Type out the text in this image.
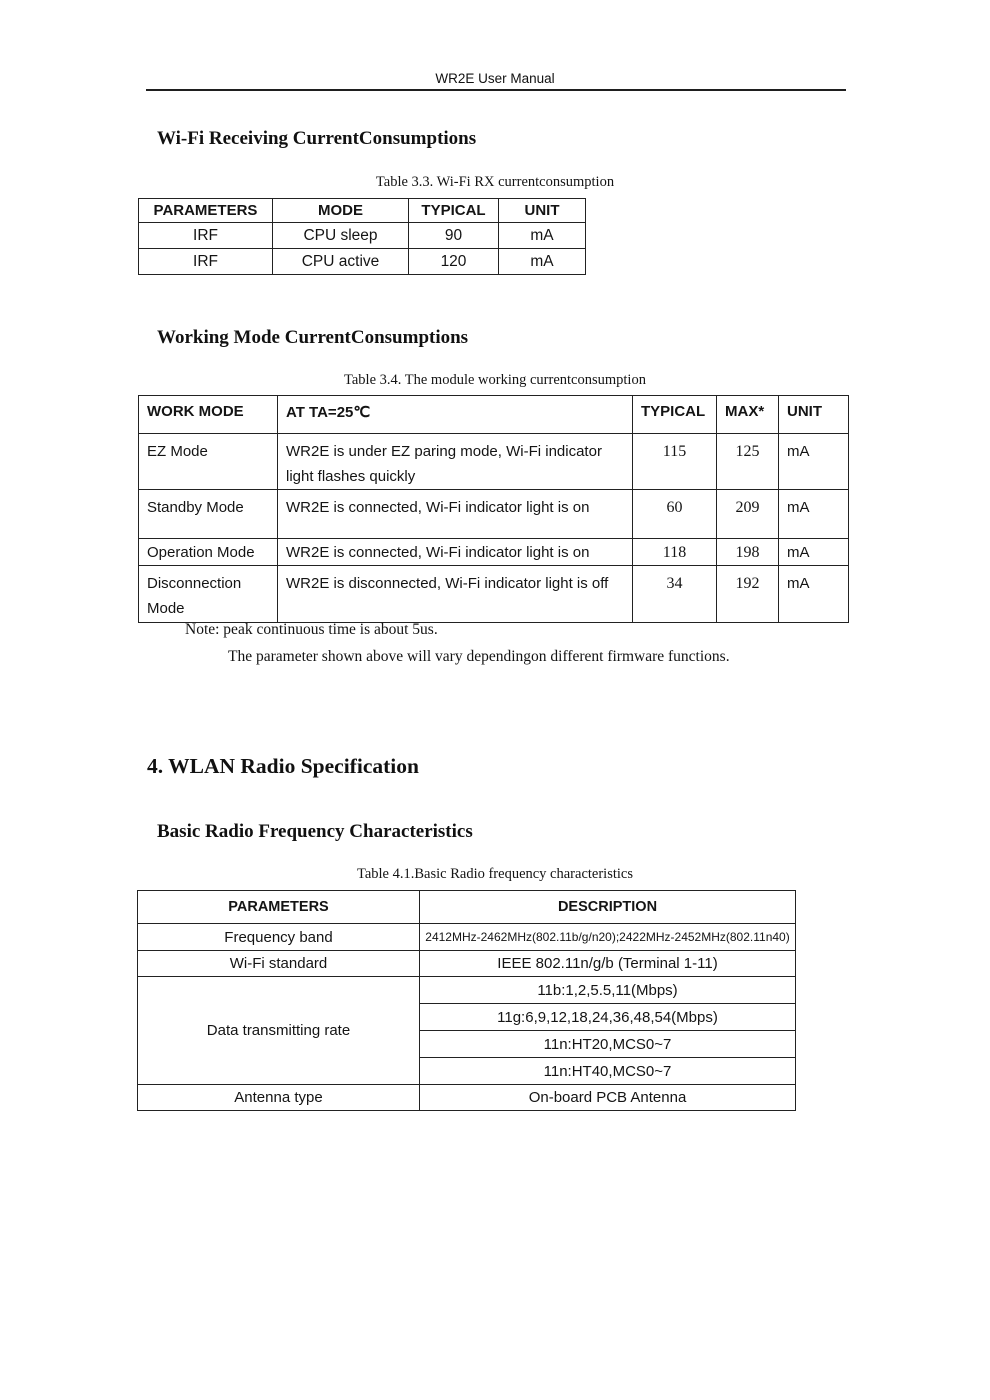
WR2E User Manual
Wi-Fi Receiving CurrentConsumptions
Table 3.3. Wi-Fi RX currentconsumption
PARAMETERS	MODE	TYPICAL	UNIT
IRF	CPU sleep	90	mA
IRF	CPU active	120	mA
Working Mode CurrentConsumptions
Table 3.4. The module working currentconsumption
WORK MODE	AT TA=25℃	TYPICAL	MAX*	UNIT
EZ Mode	WR2E is under EZ paring mode, Wi-Fi indicator light flashes quickly	115	125	mA
Standby Mode	WR2E is connected, Wi-Fi indicator light is on	60	209	mA
Operation Mode	WR2E is connected, Wi-Fi indicator light is on	118	198	mA
Disconnection Mode	WR2E is disconnected, Wi-Fi indicator light is off	34	192	mA
Note: peak continuous time is about 5us.
The parameter shown above will vary dependingon different firmware functions.
4. WLAN Radio Specification
Basic Radio Frequency Characteristics
Table 4.1.Basic Radio frequency characteristics
PARAMETERS	DESCRIPTION
Frequency band	2412MHz-2462MHz(802.11b/g/n20);2422MHz-2452MHz(802.11n40)
Wi-Fi standard	IEEE 802.11n/g/b (Terminal 1-11)
Data transmitting rate	11b:1,2,5.5,11(Mbps)
	11g:6,9,12,18,24,36,48,54(Mbps)
	11n:HT20,MCS0~7
	11n:HT40,MCS0~7
Antenna type	On-board PCB Antenna
